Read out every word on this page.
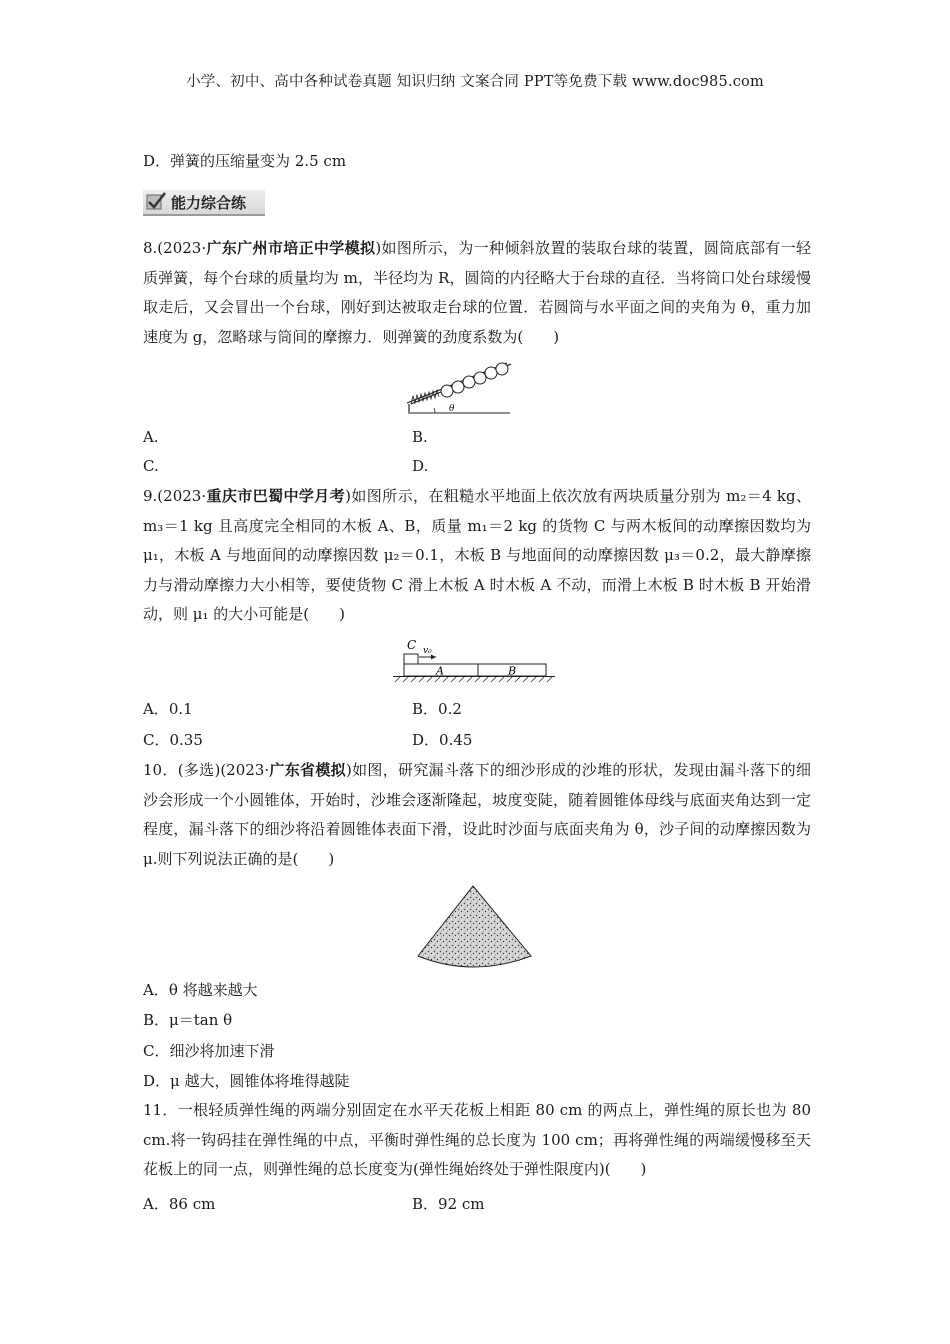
小学、初中、高中各种试卷真题 知识归纳 文案合同 PPT等免费下载 www.doc985.com
D．弹簧的压缩量变为 2.5 cm
能力综合练
8.(2023·广东广州市培正中学模拟)如图所示，为一种倾斜放置的装取台球的装置，圆筒底部有一轻质弹簧，每个台球的质量均为 m，半径均为 R，圆筒的内径略大于台球的直径．当将筒口处台球缓慢取走后，又会冒出一个台球，刚好到达被取走台球的位置．若圆筒与水平面之间的夹角为 θ，重力加速度为 g，忽略球与筒间的摩擦力．则弹簧的劲度系数为(　　)
θ
A.	B.
C.	D.
9.(2023·重庆市巴蜀中学月考)如图所示，在粗糙水平地面上依次放有两块质量分别为 m₂＝4 kg、m₃＝1 kg 且高度完全相同的木板 A、B，质量 m₁＝2 kg 的货物 C 与两木板间的动摩擦因数均为 μ₁，木板 A 与地面间的动摩擦因数 μ₂＝0.1，木板 B 与地面间的动摩擦因数 μ₃＝0.2，最大静摩擦力与滑动摩擦力大小相等，要使货物 C 滑上木板 A 时木板 A 不动，而滑上木板 B 时木板 B 开始滑动，则 μ₁ 的大小可能是(　　)
C v₀
A	B
A．0.1	B．0.2
C．0.35	D．0.45
10．(多选)(2023·广东省模拟)如图，研究漏斗落下的细沙形成的沙堆的形状，发现由漏斗落下的细沙会形成一个小圆锥体，开始时，沙堆会逐渐隆起，坡度变陡，随着圆锥体母线与底面夹角达到一定程度，漏斗落下的细沙将沿着圆锥体表面下滑，设此时沙面与底面夹角为 θ，沙子间的动摩擦因数为 μ.则下列说法正确的是(　　)
A．θ 将越来越大
B．μ＝tan θ
C．细沙将加速下滑
D．μ 越大，圆锥体将堆得越陡
11．一根轻质弹性绳的两端分别固定在水平天花板上相距 80 cm 的两点上，弹性绳的原长也为 80 cm.将一钩码挂在弹性绳的中点，平衡时弹性绳的总长度为 100 cm；再将弹性绳的两端缓慢移至天花板上的同一点，则弹性绳的总长度变为(弹性绳始终处于弹性限度内)(　　)
A．86 cm	B．92 cm
